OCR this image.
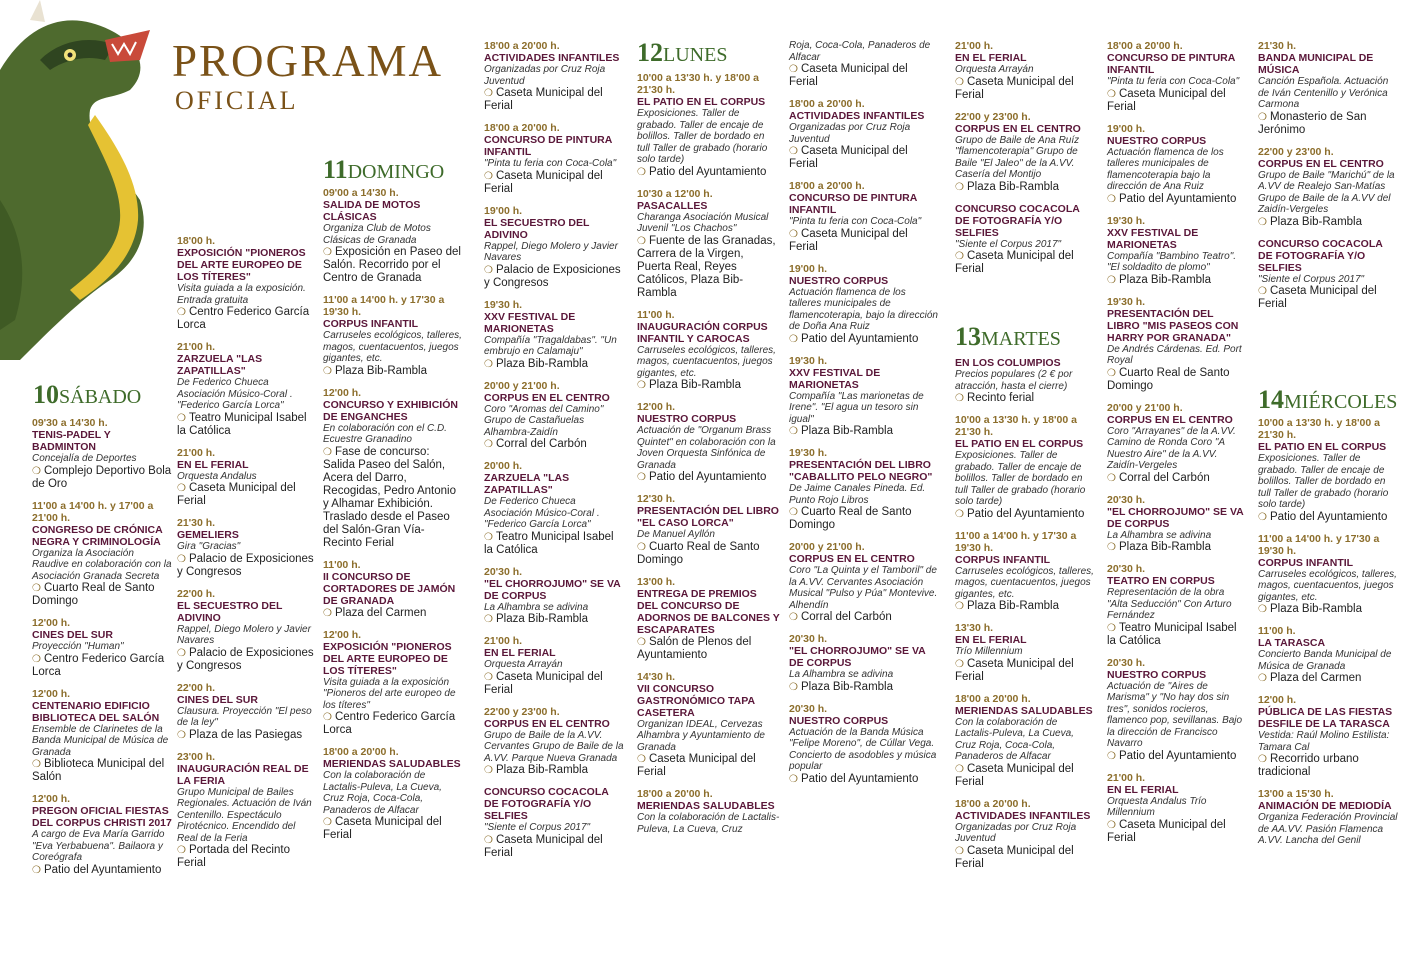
PROGRAMA
OFICIAL
10SÁBADO
11DOMINGO
12LUNES
13MARTES
14MIÉRCOLES
09'30 a 14'30 h.
TENIS-PADEL Y BADMINTON
Concejalía de Deportes
❍ Complejo Deportivo Bola de Oro
11'00 a 14'00 h. y 17'00 a 21'00 h.
CONGRESO DE CRÓNICA NEGRA Y CRIMINOLOGÍA
Organiza la Asociación Raudive en colaboración con la Asociación Granada Secreta
❍ Cuarto Real de Santo Domingo
12'00 h.
CINES DEL SUR
Proyección "Human"
❍ Centro Federico García Lorca
12'00 h.
CENTENARIO EDIFICIO BIBLIOTECA DEL SALÓN
Ensemble de Clarinetes de la Banda Municipal de Música de Granada
❍ Biblioteca Municipal del Salón
12'00 h.
PREGON OFICIAL FIESTAS DEL CORPUS CHRISTI 2017
A cargo de Eva María Garrido "Eva Yerbabuena". Bailaora y Coreógrafa
❍ Patio del Ayuntamiento
18'00 h.
EXPOSICIÓN "PIONEROS DEL ARTE EUROPEO DE LOS TÍTERES"
Visita guiada a la exposición. Entrada gratuita
❍ Centro Federico García Lorca
21'00 h.
ZARZUELA "LAS ZAPATILLAS"
De Federico Chueca Asociación Músico-Coral . "Federico García Lorca"
❍ Teatro Municipal Isabel la Católica
21'00 h.
EN EL FERIAL
Orquesta Andalus
❍ Caseta Municipal del Ferial
21'30 h.
GEMELIERS
Gira "Gracias"
❍ Palacio de Exposiciones y Congresos
22'00 h.
EL SECUESTRO DEL ADIVINO
Rappel, Diego Molero y Javier Navares
❍ Palacio de Exposiciones y Congresos
22'00 h.
CINES DEL SUR
Clausura. Proyección "El peso de la ley"
❍ Plaza de las Pasiegas
23'00 h.
INAUGURACIÓN REAL DE LA FERIA
Grupo Municipal de Bailes Regionales. Actuación de Iván Centenillo. Espectáculo Pirotécnico. Encendido del Real de la Feria
❍ Portada del Recinto Ferial
09'00 a 14'30 h.
SALIDA DE MOTOS CLÁSICAS
Organiza Club de Motos Clásicas de Granada
❍ Exposición en Paseo del Salón. Recorrido por el Centro de Granada
11'00 a 14'00 h. y 17'30 a 19'30 h.
CORPUS INFANTIL
Carruseles ecológicos, talleres, magos, cuentacuentos, juegos gigantes, etc.
❍ Plaza Bib-Rambla
12'00 h.
CONCURSO Y EXHIBICIÓN DE ENGANCHES
En colaboración con el C.D. Ecuestre Granadino
❍ Fase de concurso: Salida Paseo del Salón, Acera del Darro, Recogidas, Pedro Antonio y Alhamar Exhibición. Traslado desde el Paseo del Salón-Gran Vía- Recinto Ferial
11'00 h.
II CONCURSO DE CORTADORES DE JAMÓN DE GRANADA
❍ Plaza del Carmen
12'00 h.
EXPOSICIÓN "PIONEROS DEL ARTE EUROPEO DE LOS TÍTERES"
Visita guiada a la exposición "Pioneros del arte europeo de los títeres"
❍ Centro Federico García Lorca
18'00 a 20'00 h.
MERIENDAS SALUDABLES
Con la colaboración de Lactalis-Puleva, La Cueva, Cruz Roja, Coca-Cola, Panaderos de Alfacar
❍ Caseta Municipal del Ferial
18'00 a 20'00 h.
ACTIVIDADES INFANTILES
Organizadas por Cruz Roja Juventud
❍ Caseta Municipal del Ferial
18'00 a 20'00 h.
CONCURSO DE PINTURA INFANTIL
"Pinta tu feria con Coca-Cola"
❍ Caseta Municipal del Ferial
19'00 h.
EL SECUESTRO DEL ADIVINO
Rappel, Diego Molero y Javier Navares
❍ Palacio de Exposiciones y Congresos
19'30 h.
XXV FESTIVAL DE MARIONETAS
Compañía "Tragaldabas". "Un embrujo en Calamaju"
❍ Plaza Bib-Rambla
20'00 y 21'00 h.
CORPUS EN EL CENTRO
Coro "Aromas del Camino" Grupo de Castañuelas Alhambra-Zaidín
❍ Corral del Carbón
20'00 h.
ZARZUELA "LAS ZAPATILLAS"
De Federico Chueca Asociación Músico-Coral . "Federico García Lorca"
❍ Teatro Municipal Isabel la Católica
20'30 h.
"EL CHORROJUMO" SE VA DE CORPUS
La Alhambra se adivina
❍ Plaza Bib-Rambla
21'00 h.
EN EL FERIAL
Orquesta Arrayán
❍ Caseta Municipal del Ferial
22'00 y 23'00 h.
CORPUS EN EL CENTRO
Grupo de Baile de la A.VV. Cervantes Grupo de Baile de la A.VV. Parque Nueva Granada
❍ Plaza Bib-Rambla
CONCURSO COCACOLA DE FOTOGRAFÍA Y/O SELFIES
"Siente el Corpus 2017"
❍ Caseta Municipal del Ferial
10'00 a 13'30 h. y 18'00 a 21'30 h.
EL PATIO EN EL CORPUS
Exposiciones. Taller de grabado. Taller de encaje de bolillos. Taller de bordado en tull Taller de grabado (horario solo tarde)
❍ Patio del Ayuntamiento
10'30 a 12'00 h.
PASACALLES
Charanga Asociación Musical Juvenil "Los Chachos"
❍ Fuente de las Granadas, Carrera de la Virgen, Puerta Real, Reyes Católicos, Plaza Bib-Rambla
11'00 h.
INAUGURACIÓN CORPUS INFANTIL Y CAROCAS
Carruseles ecológicos, talleres, magos, cuentacuentos, juegos gigantes, etc.
❍ Plaza Bib-Rambla
12'00 h.
NUESTRO CORPUS
Actuación de "Organum Brass Quintet" en colaboración con la Joven Orquesta Sinfónica de Granada
❍ Patio del Ayuntamiento
12'30 h.
PRESENTACIÓN DEL LIBRO "EL CASO LORCA"
De Manuel Ayllón
❍ Cuarto Real de Santo Domingo
13'00 h.
ENTREGA DE PREMIOS DEL CONCURSO DE ADORNOS DE BALCONES Y ESCAPARATES
❍ Salón de Plenos del Ayuntamiento
14'30 h.
VII CONCURSO GASTRONÓMICO TAPA CASETERA
Organizan IDEAL, Cervezas Alhambra y Ayuntamiento de Granada
❍ Caseta Municipal del Ferial
18'00 a 20'00 h.
MERIENDAS SALUDABLES
Con la colaboración de Lactalis-Puleva, La Cueva, Cruz
Roja, Coca-Cola, Panaderos de Alfacar
❍ Caseta Municipal del Ferial
18'00 a 20'00 h.
ACTIVIDADES INFANTILES
Organizadas por Cruz Roja Juventud
❍ Caseta Municipal del Ferial
18'00 a 20'00 h.
CONCURSO DE PINTURA INFANTIL
"Pinta tu feria con Coca-Cola"
❍ Caseta Municipal del Ferial
19'00 h.
NUESTRO CORPUS
Actuación flamenca de los talleres municipales de flamencoterapia, bajo la dirección de Doña Ana Ruiz
❍ Patio del Ayuntamiento
19'30 h.
XXV FESTIVAL DE MARIONETAS
Compañía "Las marionetas de Irene". "El agua un tesoro sin igual"
❍ Plaza Bib-Rambla
19'30 h.
PRESENTACIÓN DEL LIBRO "CABALLITO PELO NEGRO"
De Jaime Canales Pineda. Ed. Punto Rojo Libros
❍ Cuarto Real de Santo Domingo
20'00 y 21'00 h.
CORPUS EN EL CENTRO
Coro "La Quinta y el Tamboril" de la A.VV. Cervantes Asociación Musical "Pulso y Púa" Montevive. Alhendín
❍ Corral del Carbón
20'30 h.
"EL CHORROJUMO" SE VA DE CORPUS
La Alhambra se adivina
❍ Plaza Bib-Rambla
20'30 h.
NUESTRO CORPUS
Actuación de la Banda Música "Felipe Moreno", de Cúllar Vega. Concierto de asodobles y música popular
❍ Patio del Ayuntamiento
21'00 h.
EN EL FERIAL
Orquesta Arrayán
❍ Caseta Municipal del Ferial
22'00 y 23'00 h.
CORPUS EN EL CENTRO
Grupo de Baile de Ana Ruíz "flamencoterapia" Grupo de Baile "El Jaleo" de la A.VV. Casería del Montijo
❍ Plaza Bib-Rambla
CONCURSO COCACOLA DE FOTOGRAFÍA Y/O SELFIES
"Siente el Corpus 2017"
❍ Caseta Municipal del Ferial
EN LOS COLUMPIOS
Precios populares (2 € por atracción, hasta el cierre)
❍ Recinto ferial
10'00 a 13'30 h. y 18'00 a 21'30 h.
EL PATIO EN EL CORPUS
Exposiciones. Taller de grabado. Taller de encaje de bolillos. Taller de bordado en tull Taller de grabado (horario solo tarde)
❍ Patio del Ayuntamiento
11'00 a 14'00 h. y 17'30 a 19'30 h.
CORPUS INFANTIL
Carruseles ecológicos, talleres, magos, cuentacuentos, juegos gigantes, etc.
❍ Plaza Bib-Rambla
13'30 h.
EN EL FERIAL
Trío Millennium
❍ Caseta Municipal del Ferial
18'00 a 20'00 h.
MERIENDAS SALUDABLES
Con la colaboración de Lactalis-Puleva, La Cueva, Cruz Roja, Coca-Cola, Panaderos de Alfacar
❍ Caseta Municipal del Ferial
18'00 a 20'00 h.
ACTIVIDADES INFANTILES
Organizadas por Cruz Roja Juventud
❍ Caseta Municipal del Ferial
18'00 a 20'00 h.
CONCURSO DE PINTURA INFANTIL
"Pinta tu feria con Coca-Cola"
❍ Caseta Municipal del Ferial
19'00 h.
NUESTRO CORPUS
Actuación flamenca de los talleres municipales de flamencoterapia bajo la dirección de Ana Ruiz
❍ Patio del Ayuntamiento
19'30 h.
XXV FESTIVAL DE MARIONETAS
Compañía "Bambino Teatro". "El soldadito de plomo"
❍ Plaza Bib-Rambla
19'30 h.
PRESENTACIÓN DEL LIBRO "MIS PASEOS CON HARRY POR GRANADA"
De Andrés Cárdenas. Ed. Port Royal
❍ Cuarto Real de Santo Domingo
20'00 y 21'00 h.
CORPUS EN EL CENTRO
Coro "Arrayanes" de la A.VV. Camino de Ronda Coro "A Nuestro Aire" de la A.VV. Zaidín-Vergeles
❍ Corral del Carbón
20'30 h.
"EL CHORROJUMO" SE VA DE CORPUS
La Alhambra se adivina
❍ Plaza Bib-Rambla
20'30 h.
TEATRO EN CORPUS
Representación de la obra "Alta Seducción" Con Arturo Fernández
❍ Teatro Municipal Isabel la Católica
20'30 h.
NUESTRO CORPUS
Actuación de "Aires de Marisma" y "No hay dos sin tres", sonidos rocieros, flamenco pop, sevillanas. Bajo la dirección de Francisco Navarro
❍ Patio del Ayuntamiento
21'00 h.
EN EL FERIAL
Orquesta Andalus Trío Millennium
❍ Caseta Municipal del Ferial
21'30 h.
BANDA MUNICIPAL DE MÚSICA
Canción Española. Actuación de Iván Centenillo y Verónica Carmona
❍ Monasterio de San Jerónimo
22'00 y 23'00 h.
CORPUS EN EL CENTRO
Grupo de Baile "Marichú" de la A.VV de Realejo San-Matías Grupo de Baile de la A.VV del Zaidín-Vergeles
❍ Plaza Bib-Rambla
CONCURSO COCACOLA DE FOTOGRAFÍA Y/O SELFIES
"Siente el Corpus 2017"
❍ Caseta Municipal del Ferial
10'00 a 13'30 h. y 18'00 a 21'30 h.
EL PATIO EN EL CORPUS
Exposiciones. Taller de grabado. Taller de encaje de bolillos. Taller de bordado en tull Taller de grabado (horario solo tarde)
❍ Patio del Ayuntamiento
11'00 a 14'00 h. y 17'30 a 19'30 h.
CORPUS INFANTIL
Carruseles ecológicos, talleres, magos, cuentacuentos, juegos gigantes, etc.
❍ Plaza Bib-Rambla
11'00 h.
LA TARASCA
Concierto Banda Municipal de Música de Granada
❍ Plaza del Carmen
12'00 h.
PÚBLICA DE LAS FIESTAS DESFILE DE LA TARASCA
Vestida: Raúl Molino Estilista: Tamara Cal
❍ Recorrido urbano tradicional
13'00 a 15'30 h.
ANIMACIÓN DE MEDIODÍA
Organiza Federación Provincial de AA.VV. Pasión Flamenca A.VV. Lancha del Genil
